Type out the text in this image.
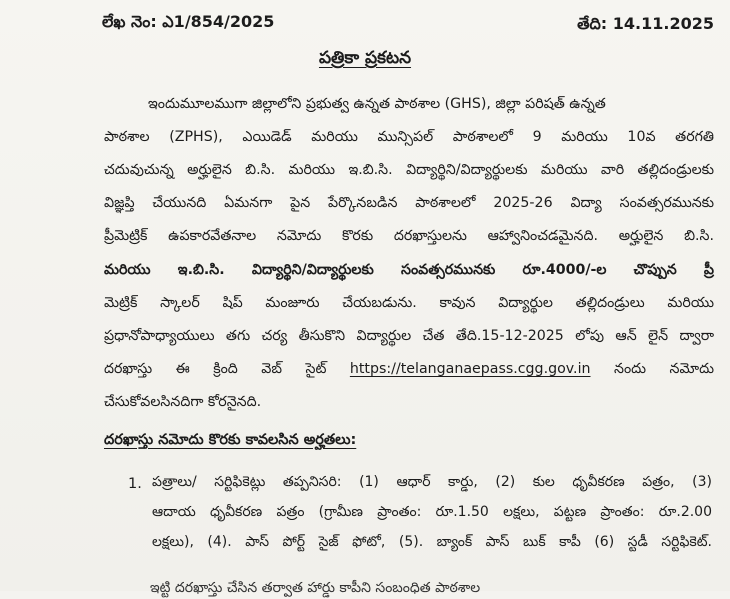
లేఖ నెం: ఎ1/854/2025	తేది: 14.11.2025
పత్రికా ప్రకటన
ఇందుమూలముగా జిల్లాలోని ప్రభుత్వ ఉన్నత పాఠశాల (GHS), జిల్లా పరిషత్ ఉన్నత
పాఠశాల (ZPHS), ఎయిడెడ్ మరియు మున్సిపల్ పాఠశాలలో 9 మరియు 10వ తరగతి
చదువుచున్న అర్హులైన బి.సి. మరియు ఇ.బి.సి. విద్యార్థిని/విద్యార్థులకు మరియు వారి తల్లిదండ్రులకు
విజ్ఞప్తి చేయునది ఏమనగా పైన పేర్కొనబడిన పాఠశాలలో 2025-26 విద్యా సంవత్సరమునకు
ప్రీమెట్రిక్ ఉపకారవేతనాల నమోదు కొరకు దరఖాస్తులను ఆహ్వానించడమైనది. అర్హులైన బి.సి.
మరియు ఇ.బి.సి. విద్యార్థిని/విద్యార్థులకు సంవత్సరమునకు రూ.4000/-ల చొప్పున ప్రీ
మెట్రిక్ స్కాలర్ షిప్ మంజూరు చేయబడును. కావున విద్యార్థుల తల్లిదండ్రులు మరియు
ప్రధానోపాధ్యాయులు తగు చర్య తీసుకొని విద్యార్థుల చేత తేది.15-12-2025 లోపు ఆన్ లైన్ ద్వారా
దరఖాస్తు ఈ క్రింది వెబ్ సైట్ https://telanganaepass.cgg.gov.in నందు నమోదు
చేసుకోవలసినదిగా కోరనైనది.
దరఖాస్తు నమోదు కొరకు కావలసిన అర్హతలు:
1. పత్రాలు/ సర్టిఫికెట్లు తప్పనిసరి: (1) ఆధార్ కార్డు, (2) కుల ధృవీకరణ పత్రం, (3)
ఆదాయ ధృవీకరణ పత్రం (గ్రామీణ ప్రాంతం: రూ.1.50 లక్షలు, పట్టణ ప్రాంతం: రూ.2.00
లక్షలు), (4). పాస్ పోర్ట్ సైజ్ ఫోటో, (5). బ్యాంక్ పాస్ బుక్ కాపీ (6) స్టడీ సర్టిఫికెట్.
ఇట్టి దరఖాస్తు చేసిన తర్వాత హార్డు కాపీని సంబంధిత పాఠశాల
